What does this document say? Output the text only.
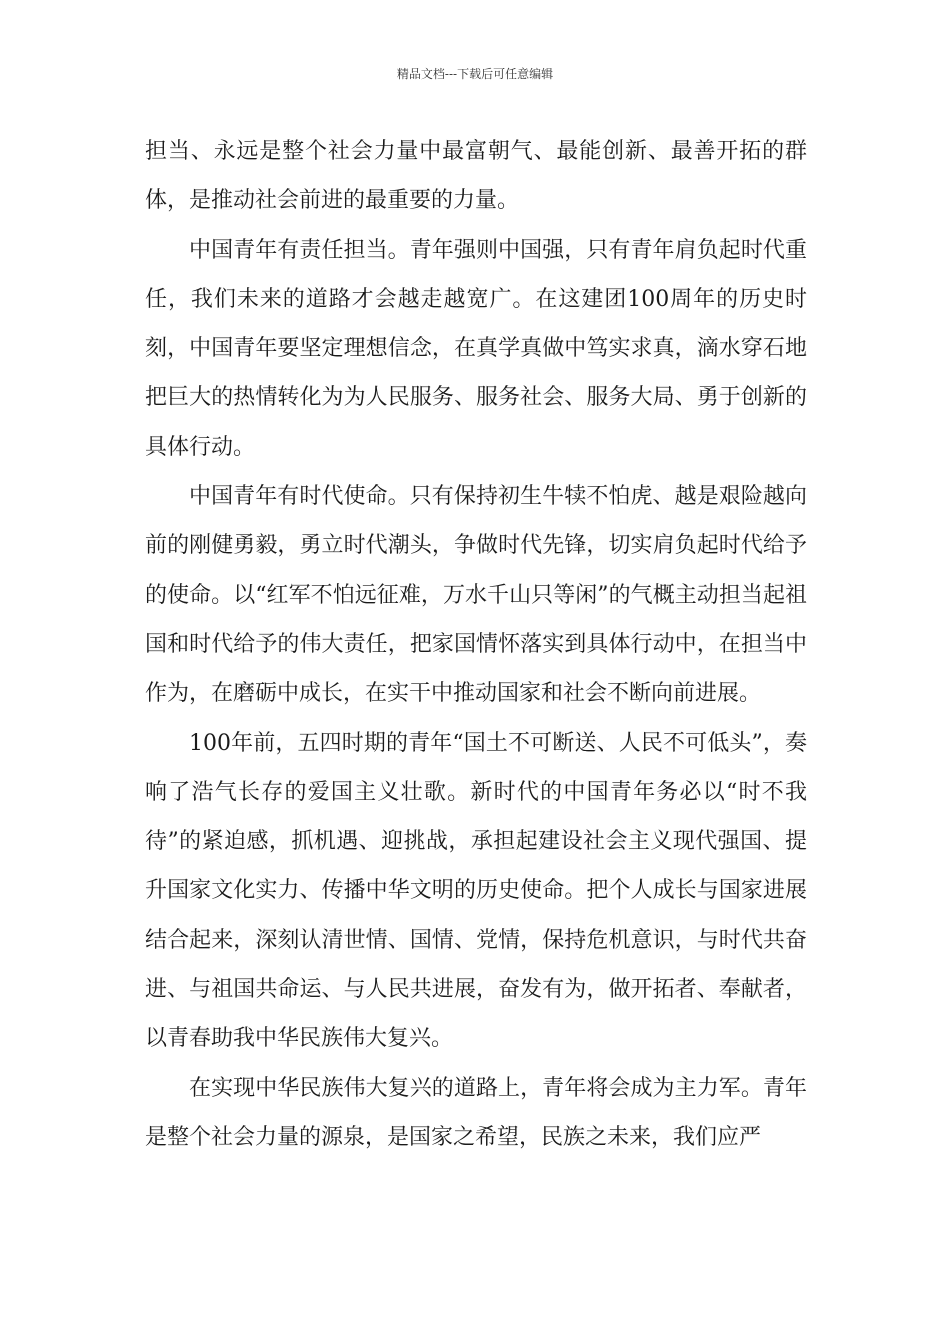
精品文档---下载后可任意编辑

担当、永远是整个社会力量中最富朝气、最能创新、最善开拓的群体，是推动社会前进的最重要的力量。

中国青年有责任担当。青年强则中国强，只有青年肩负起时代重任，我们未来的道路才会越走越宽广。在这建团100周年的历史时刻，中国青年要坚定理想信念，在真学真做中笃实求真，滴水穿石地把巨大的热情转化为为人民服务、服务社会、服务大局、勇于创新的具体行动。

中国青年有时代使命。只有保持初生牛犊不怕虎、越是艰险越向前的刚健勇毅，勇立时代潮头，争做时代先锋，切实肩负起时代给予的使命。以“红军不怕远征难，万水千山只等闲”的气概主动担当起祖国和时代给予的伟大责任，把家国情怀落实到具体行动中，在担当中作为，在磨砺中成长，在实干中推动国家和社会不断向前进展。

100年前，五四时期的青年“国土不可断送、人民不可低头”，奏响了浩气长存的爱国主义壮歌。新时代的中国青年务必以“时不我待”的紧迫感，抓机遇、迎挑战，承担起建设社会主义现代强国、提升国家文化实力、传播中华文明的历史使命。把个人成长与国家进展结合起来，深刻认清世情、国情、党情，保持危机意识，与时代共奋进、与祖国共命运、与人民共进展，奋发有为，做开拓者、奉献者，以青春助我中华民族伟大复兴。

在实现中华民族伟大复兴的道路上，青年将会成为主力军。青年是整个社会力量的源泉，是国家之希望，民族之未来，我们应严
